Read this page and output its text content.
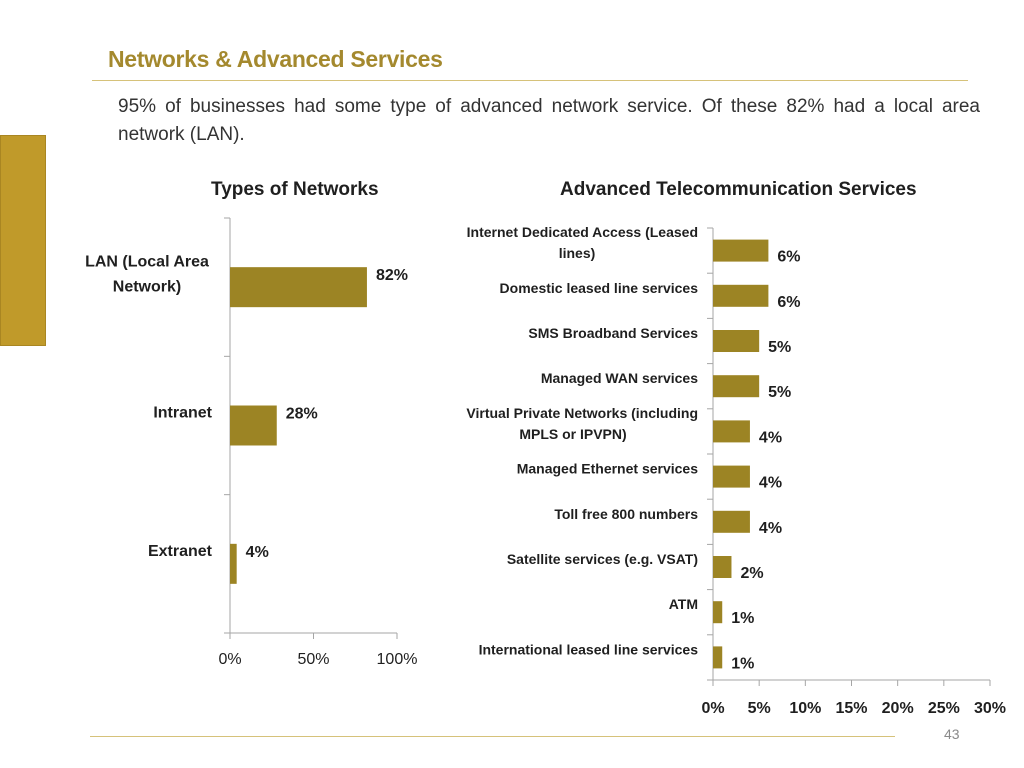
Networks & Advanced Services
95% of businesses had some type of advanced network service. Of these 82% had a local area network (LAN).
Types of Networks	Advanced Telecommunication Services
0%	50%	100%
LAN (Local Area
Network)
82%
Intranet	28%
Extranet 4%
0% 5% 10% 15% 20% 25% 30%
Internet Dedicated Access (Leased
lines)	6%
Domestic leased line services
6%
SMS Broadband Services
5%
Managed WAN services
5%
Virtual Private Networks (including
MPLS or IPVPN)	4%
Managed Ethernet services
4%
Toll free 800 numbers
4%
Satellite services (e.g. VSAT)
2%
ATM
1%
International leased line services
1%
43
